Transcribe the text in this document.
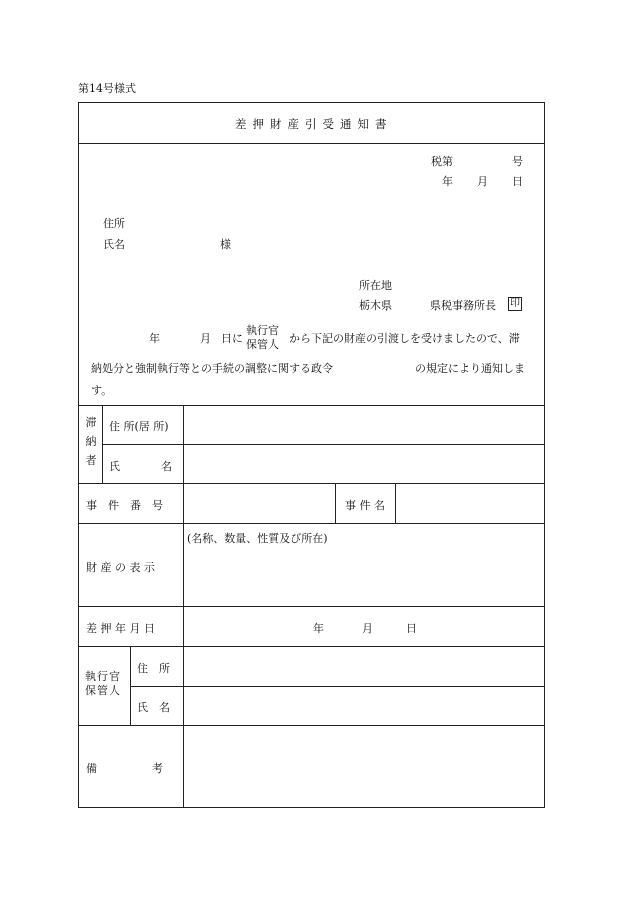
第14号様式
差押財産引受通知書
税第	号
年 月 日
住所
氏名	様
所在地
栃木県	県税事務所長 印
年	月 日に
執行官
保管人 から下記の財産の引渡しを受けましたので、滞
納処分と強制執行等との手続の調整に関する政令	の規定により通知しま
す。
滞
納
者
住 所(居 所)
氏　　　名
事　件　番　号	事 件 名
財 産 の 表 示
(名称、数量、性質及び所在)
差 押 年 月 日	年	月	日
執行官
保管人
住　所
氏　名
備　　　　　考
